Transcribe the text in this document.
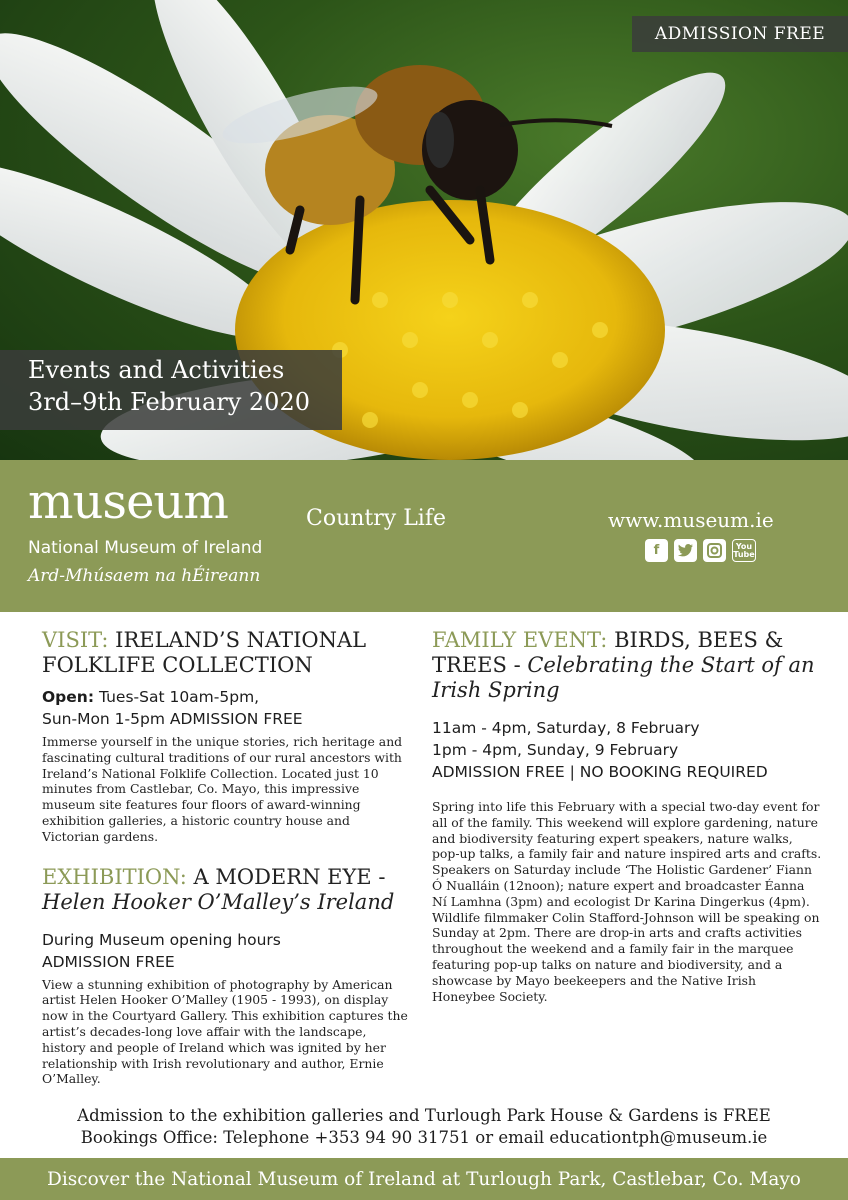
ADMISSION FREE
Events and Activities
3rd–9th February 2020
museum
National Museum of Ireland
Ard-Mhúsaem na hÉireann
Country Life	www.museum.ie
f	You
Tube

VISIT: IRELAND’S NATIONAL FOLKLIFE COLLECTION

Open: Tues-Sat 10am-5pm,
Sun-Mon 1-5pm ADMISSION FREE
Immerse yourself in the unique stories, rich heritage and fascinating cultural traditions of our rural ancestors with Ireland’s National Folklife Collection. Located just 10 minutes from Castlebar, Co. Mayo, this impressive museum site features four floors of award-winning exhibition galleries, a historic country house and Victorian gardens.

EXHIBITION: A MODERN EYE -
Helen Hooker O’Malley’s Ireland

During Museum opening hours
ADMISSION FREE
View a stunning exhibition of photography by American artist Helen Hooker O’Malley (1905 - 1993), on display now in the Courtyard Gallery. This exhibition captures the artist’s decades-long love affair with the landscape, history and people of Ireland which was ignited by her relationship with Irish revolutionary and author, Ernie O’Malley.

FAMILY EVENT: BIRDS, BEES & TREES - Celebrating the Start of an Irish Spring

11am - 4pm, Saturday, 8 February
1pm - 4pm, Sunday, 9 February
ADMISSION FREE | NO BOOKING REQUIRED
Spring into life this February with a special two-day event for all of the family. This weekend will explore gardening, nature and biodiversity featuring expert speakers, nature walks, pop-up talks, a family fair and nature inspired arts and crafts. Speakers on Saturday include ‘The Holistic Gardener’ Fiann Ó Nualláin (12noon); nature expert and broadcaster Éanna Ní Lamhna (3pm) and ecologist Dr Karina Dingerkus (4pm). Wildlife filmmaker Colin Stafford-Johnson will be speaking on Sunday at 2pm. There are drop-in arts and crafts activities throughout the weekend and a family fair in the marquee featuring pop-up talks on nature and biodiversity, and a showcase by Mayo beekeepers and the Native Irish Honeybee Society.
Admission to the exhibition galleries and Turlough Park House & Gardens is FREE
Bookings Office: Telephone +353 94 90 31751 or email educationtph@museum.ie
Discover the National Museum of Ireland at Turlough Park, Castlebar, Co. Mayo
